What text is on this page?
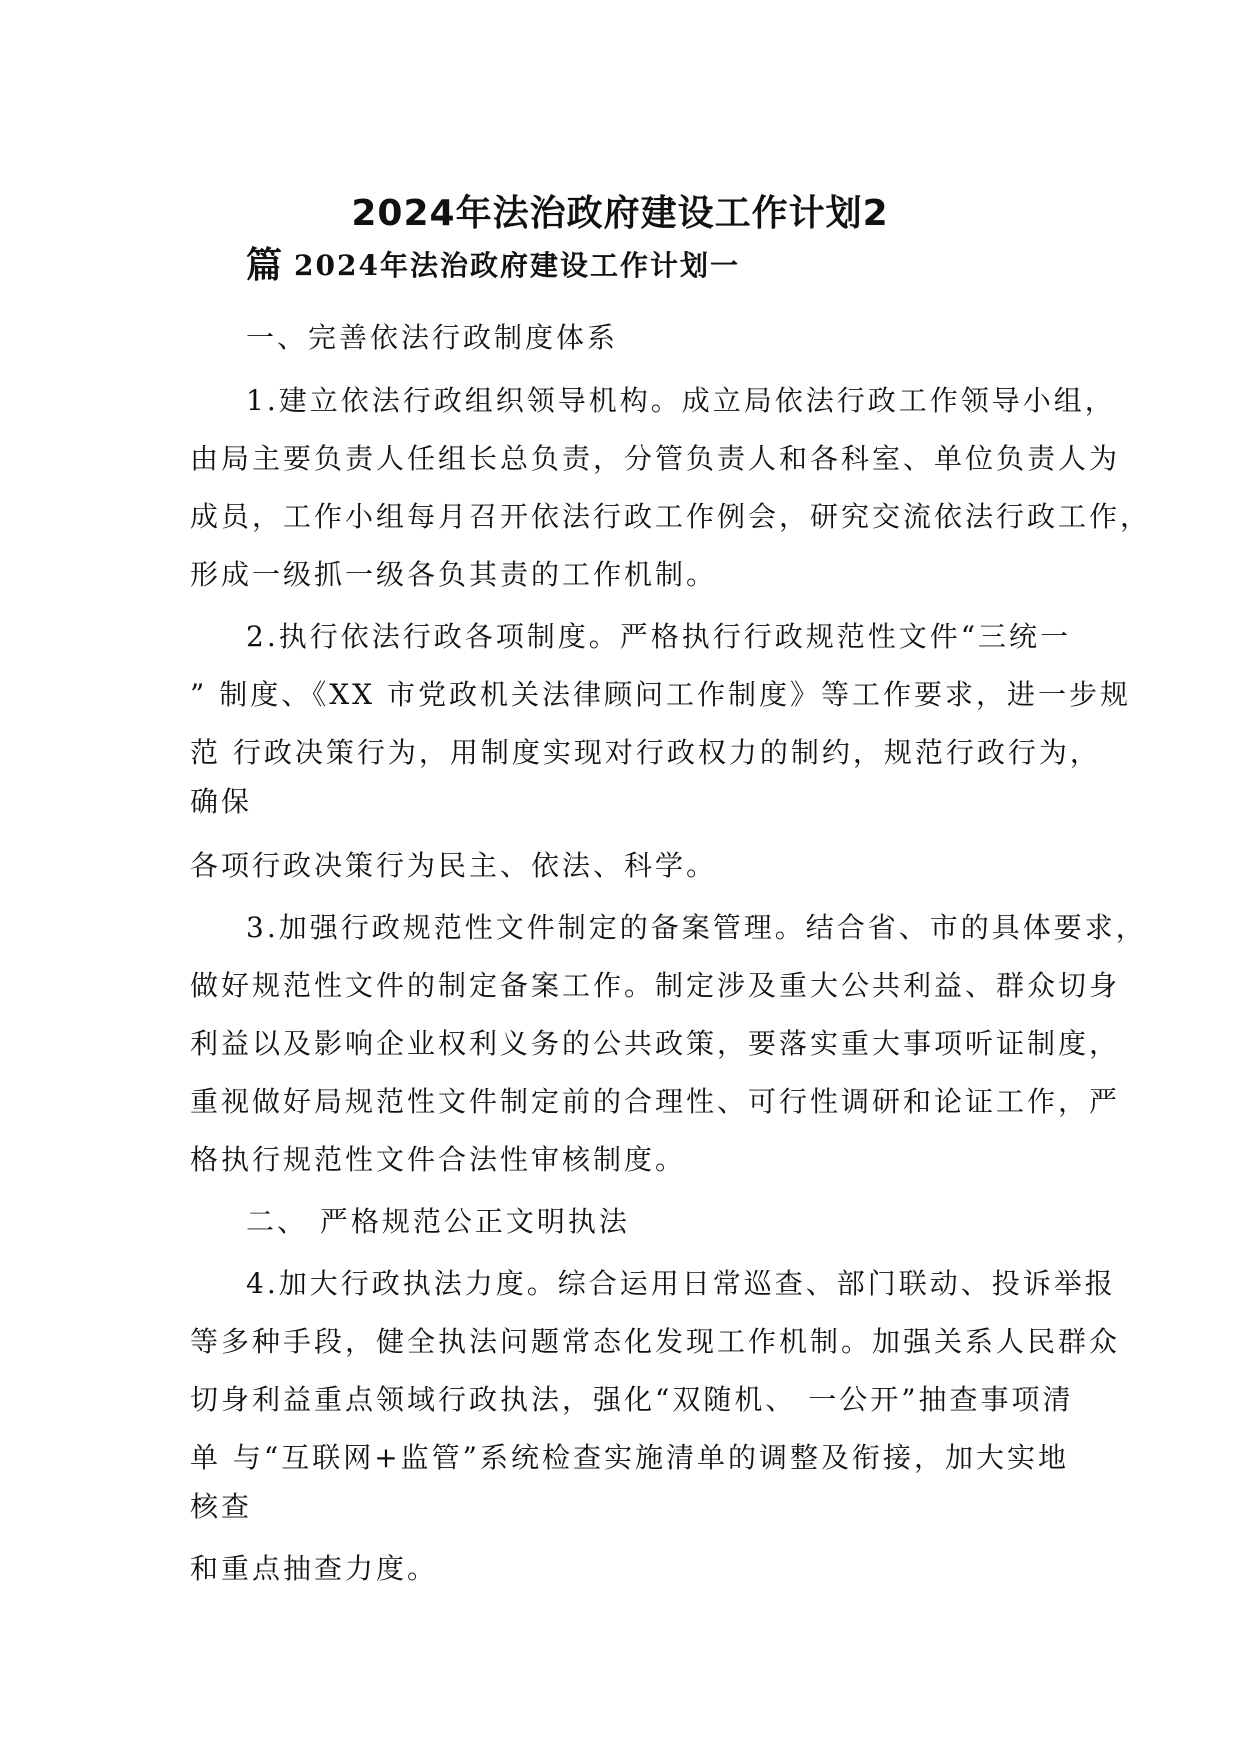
2024年法治政府建设工作计划2
篇 2024年法治政府建设工作计划一
一、完善依法行政制度体系
1.建立依法行政组织领导机构。成立局依法行政工作领导小组，
由局主要负责人任组长总负责，分管负责人和各科室、单位负责人为
成员，工作小组每月召开依法行政工作例会，研究交流依法行政工作，
形成一级抓一级各负其责的工作机制。
2.执行依法行政各项制度。严格执行行政规范性文件“三统一
” 制度、《XX 市党政机关法律顾问工作制度》等工作要求，进一步规
范 行政决策行为，用制度实现对行政权力的制约，规范行政行为，
确保
各项行政决策行为民主、依法、科学。
3.加强行政规范性文件制定的备案管理。结合省、市的具体要求，
做好规范性文件的制定备案工作。制定涉及重大公共利益、群众切身
利益以及影响企业权利义务的公共政策，要落实重大事项听证制度，
重视做好局规范性文件制定前的合理性、可行性调研和论证工作，严
格执行规范性文件合法性审核制度。
二、 严格规范公正文明执法
4.加大行政执法力度。综合运用日常巡查、部门联动、投诉举报
等多种手段，健全执法问题常态化发现工作机制。加强关系人民群众
切身利益重点领域行政执法，强化“双随机、 一公开”抽查事项清
单 与“互联网+监管”系统检查实施清单的调整及衔接，加大实地
核查
和重点抽查力度。
